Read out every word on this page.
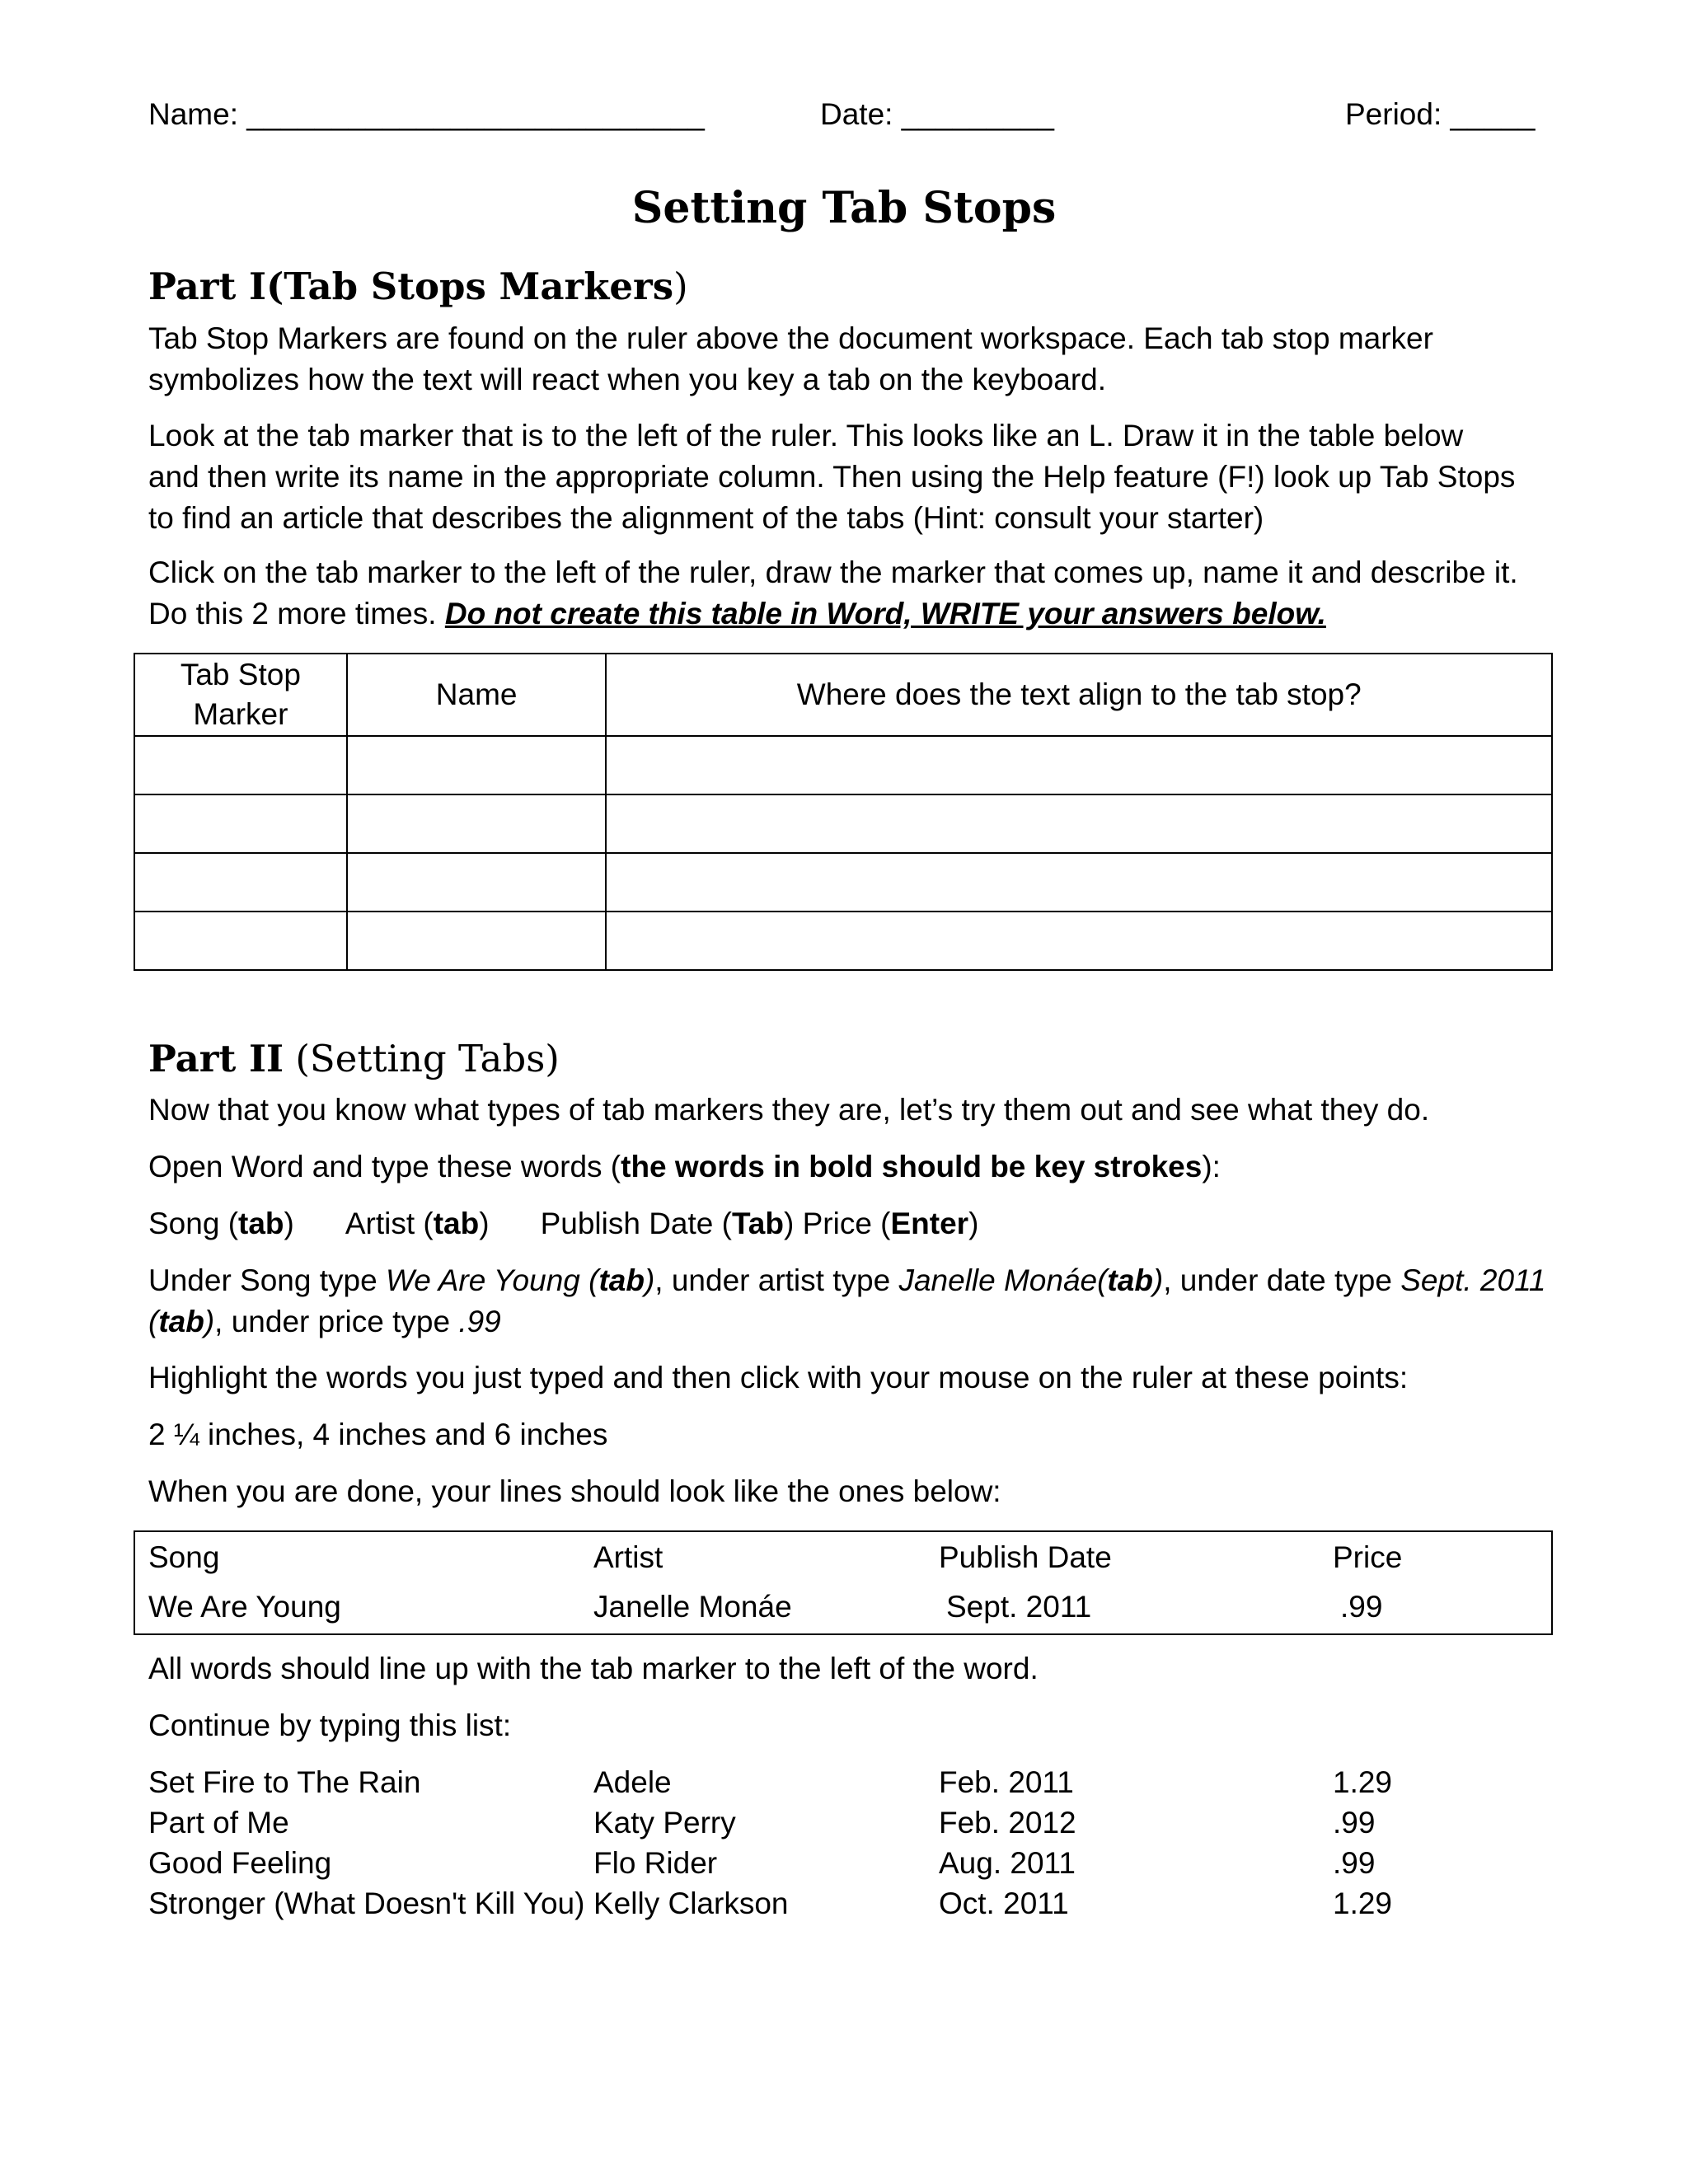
Name: ___________________________	Date: _________	Period: _____
Setting Tab Stops
Part I(Tab Stops Markers)

Tab Stop Markers are found on the ruler above the document workspace. Each tab stop marker
symbolizes how the text will react when you key a tab on the keyboard.

Look at the tab marker that is to the left of the ruler. This looks like an L. Draw it in the table below
and then write its name in the appropriate column. Then using the Help feature (F!) look up Tab Stops
to find an article that describes the alignment of the tabs (Hint: consult your starter)

Click on the tab marker to the left of the ruler, draw the marker that comes up, name it and describe it.
Do this 2 more times. Do not create this table in Word, WRITE your answers below.

Tab Stop
Marker	Name	Where does the text align to the tab stop?

Part II (Setting Tabs)

Now that you know what types of tab markers they are, let’s try them out and see what they do.

Open Word and type these words (the words in bold should be key strokes):

Song (tab) Artist (tab) Publish Date (Tab) Price (Enter)

Under Song type We Are Young (tab), under artist type Janelle Monáe(tab), under date type Sept. 2011
(tab), under price type .99

Highlight the words you just typed and then click with your mouse on the ruler at these points:

2 ¼ inches, 4 inches and 6 inches

When you are done, your lines should look like the ones below:

Song	Artist	Publish Date	Price
We Are Young	Janelle Monáe	Sept. 2011	.99

All words should line up with the tab marker to the left of the word.

Continue by typing this list:

Set Fire to The Rain	Adele	Feb. 2011	1.29
Part of Me	Katy Perry	Feb. 2012	.99
Good Feeling	Flo Rider	Aug. 2011	.99
Stronger (What Doesn't Kill You) Kelly Clarkson	Oct. 2011	1.29
